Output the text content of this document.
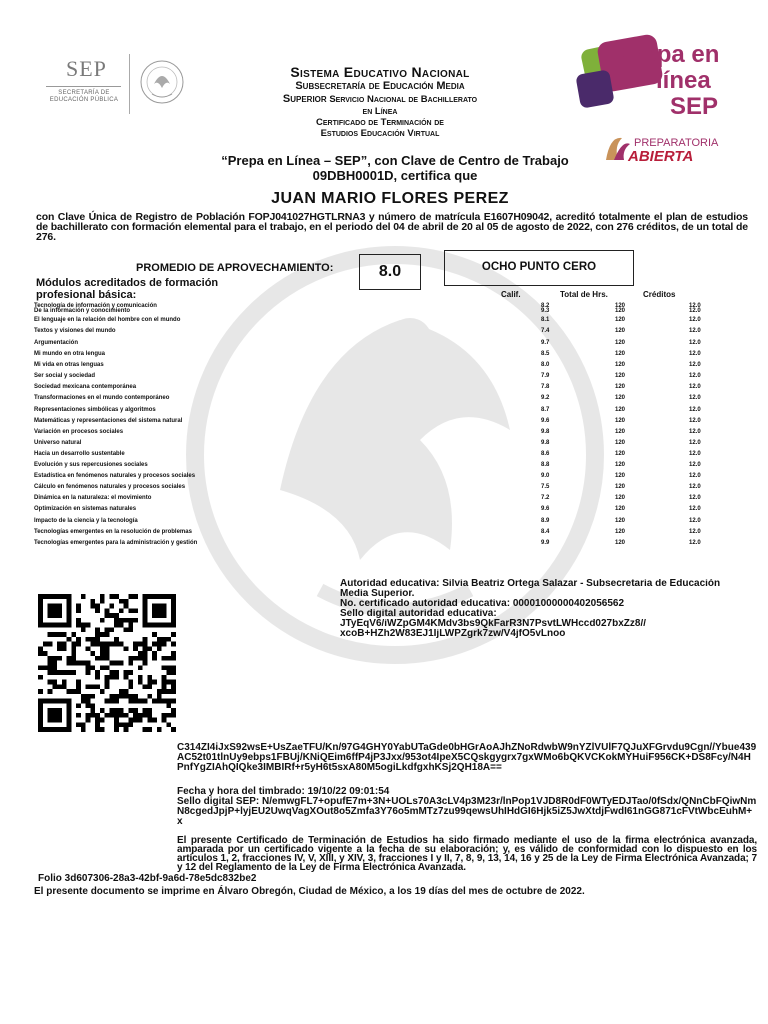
SEP
SECRETARÍA DE
EDUCACIÓN PÚBLICA
Sistema Educativo Nacional
Subsecretaría de Educación Media
Superior Servicio Nacional de Bachillerato
en Línea
Certificado de Terminación de
Estudios Educación Virtual
Prepa en
línea
SEP
PREPARATORIA
ABIERTA
“Prepa en Línea – SEP”, con Clave de Centro de Trabajo
09DBH0001D, certifica que
JUAN MARIO FLORES PEREZ
con Clave Única de Registro de Población FOPJ041027HGTLRNA3 y número de matrícula E1607H09042, acreditó totalmente el plan de estudios de bachillerato con formación elemental para el trabajo, en el periodo del 04 de abril de 20 al 05 de agosto de 2022, con 276 créditos, de un total de 276.
PROMEDIO DE APROVECHAMIENTO:	8.0	OCHO PUNTO CERO
Módulos acreditados de formación profesional básica:	Calif.	Total de Hrs.	Créditos
Tecnología de información y comunicación	8.2	120	12.0
De la información y conocimiento	9.3	120	12.0
El lenguaje en la relación del hombre con el mundo	8.1	120	12.0
Textos y visiones del mundo	7.4	120	12.0
Argumentación	9.7	120	12.0
Mi mundo en otra lengua	8.5	120	12.0
Mi vida en otras lenguas	8.0	120	12.0
Ser social y sociedad	7.9	120	12.0
Sociedad mexicana contemporánea	7.8	120	12.0
Transformaciones en el mundo contemporáneo	9.2	120	12.0
Representaciones simbólicas y algoritmos	8.7	120	12.0
Matemáticas y representaciones del sistema natural	9.6	120	12.0
Variación en procesos sociales	9.8	120	12.0
Universo natural	9.8	120	12.0
Hacia un desarrollo sustentable	8.6	120	12.0
Evolución y sus repercusiones sociales	8.8	120	12.0
Estadística en fenómenos naturales y procesos sociales	9.0	120	12.0
Cálculo en fenómenos naturales y procesos sociales	7.5	120	12.0
Dinámica en la naturaleza: el movimiento	7.2	120	12.0
Optimización en sistemas naturales	9.6	120	12.0
Impacto de la ciencia y la tecnología	8.9	120	12.0
Tecnologías emergentes en la resolución de problemas	8.4	120	12.0
Tecnologías emergentes para la administración y gestión	9.9	120	12.0
Autoridad educativa: Silvia Beatriz Ortega Salazar - Subsecretaria de Educación
Media Superior.
No. certificado autoridad educativa: 00001000000402056562
Sello digital autoridad educativa:
JTyEqV6/iWZpGM4KMdv3bs9QkFarR3N7PsvtLWHccd027bxZz8//
xcoB+HZh2W83EJ1IjLWPZgrk7zw/V4jfO5vLnoo
C314ZI4iJxS92wsE+UsZaeTFU/Kn/97G4GHY0YabUTaGde0bHGrAoAJhZNoRdwbW9nYZlVUlF7QJuXFGrvdu9Cgn//Ybue439AC52t01tlnUy9ebps1FBUj/KNiQEim6ffP4jP3Jxx/953ot4IpeX5CQskgygrx7gxWMo6bQKVCKokMYHuiF956CK+DS8Fcy/N4HPnfYgZIAhQIQke3IMBIRf+r5yH6t5sxA80M5ogiLkdfgxhKSj2QH18A==
Fecha y hora del timbrado: 19/10/22 09:01:54
Sello digital SEP: N/emwgFL7+opufE7m+3N+UOLs70A3cLV4p3M23r/lnPop1VJD8R0dF0WTyEDJTao/0fSdx/QNnCbFQiwNmN8cgedJpjP+lyjEU2UwqVagXOut8o5Zmfa3Y76o5mMTz7zu99qewsUhIHdGI6Hjk5iZ5JwXtdjFwdI61nGG871cFVtWbcEuhM+x
El presente Certificado de Terminación de Estudios ha sido firmado mediante el uso de la firma electrónica avanzada, amparada por un certificado vigente a la fecha de su elaboración; y, es válido de conformidad con lo dispuesto en los artículos 1, 2, fracciones IV, V, XIII, y XIV, 3, fracciones I y II, 7, 8, 9, 13, 14, 16 y 25 de la Ley de Firma Electrónica Avanzada; 7 y 12 del Reglamento de la Ley de Firma Electrónica Avanzada.
Folio 3d607306-28a3-42bf-9a6d-78e5dc832be2
El presente documento se imprime en Álvaro Obregón, Ciudad de México, a los 19 días del mes de octubre de 2022.
